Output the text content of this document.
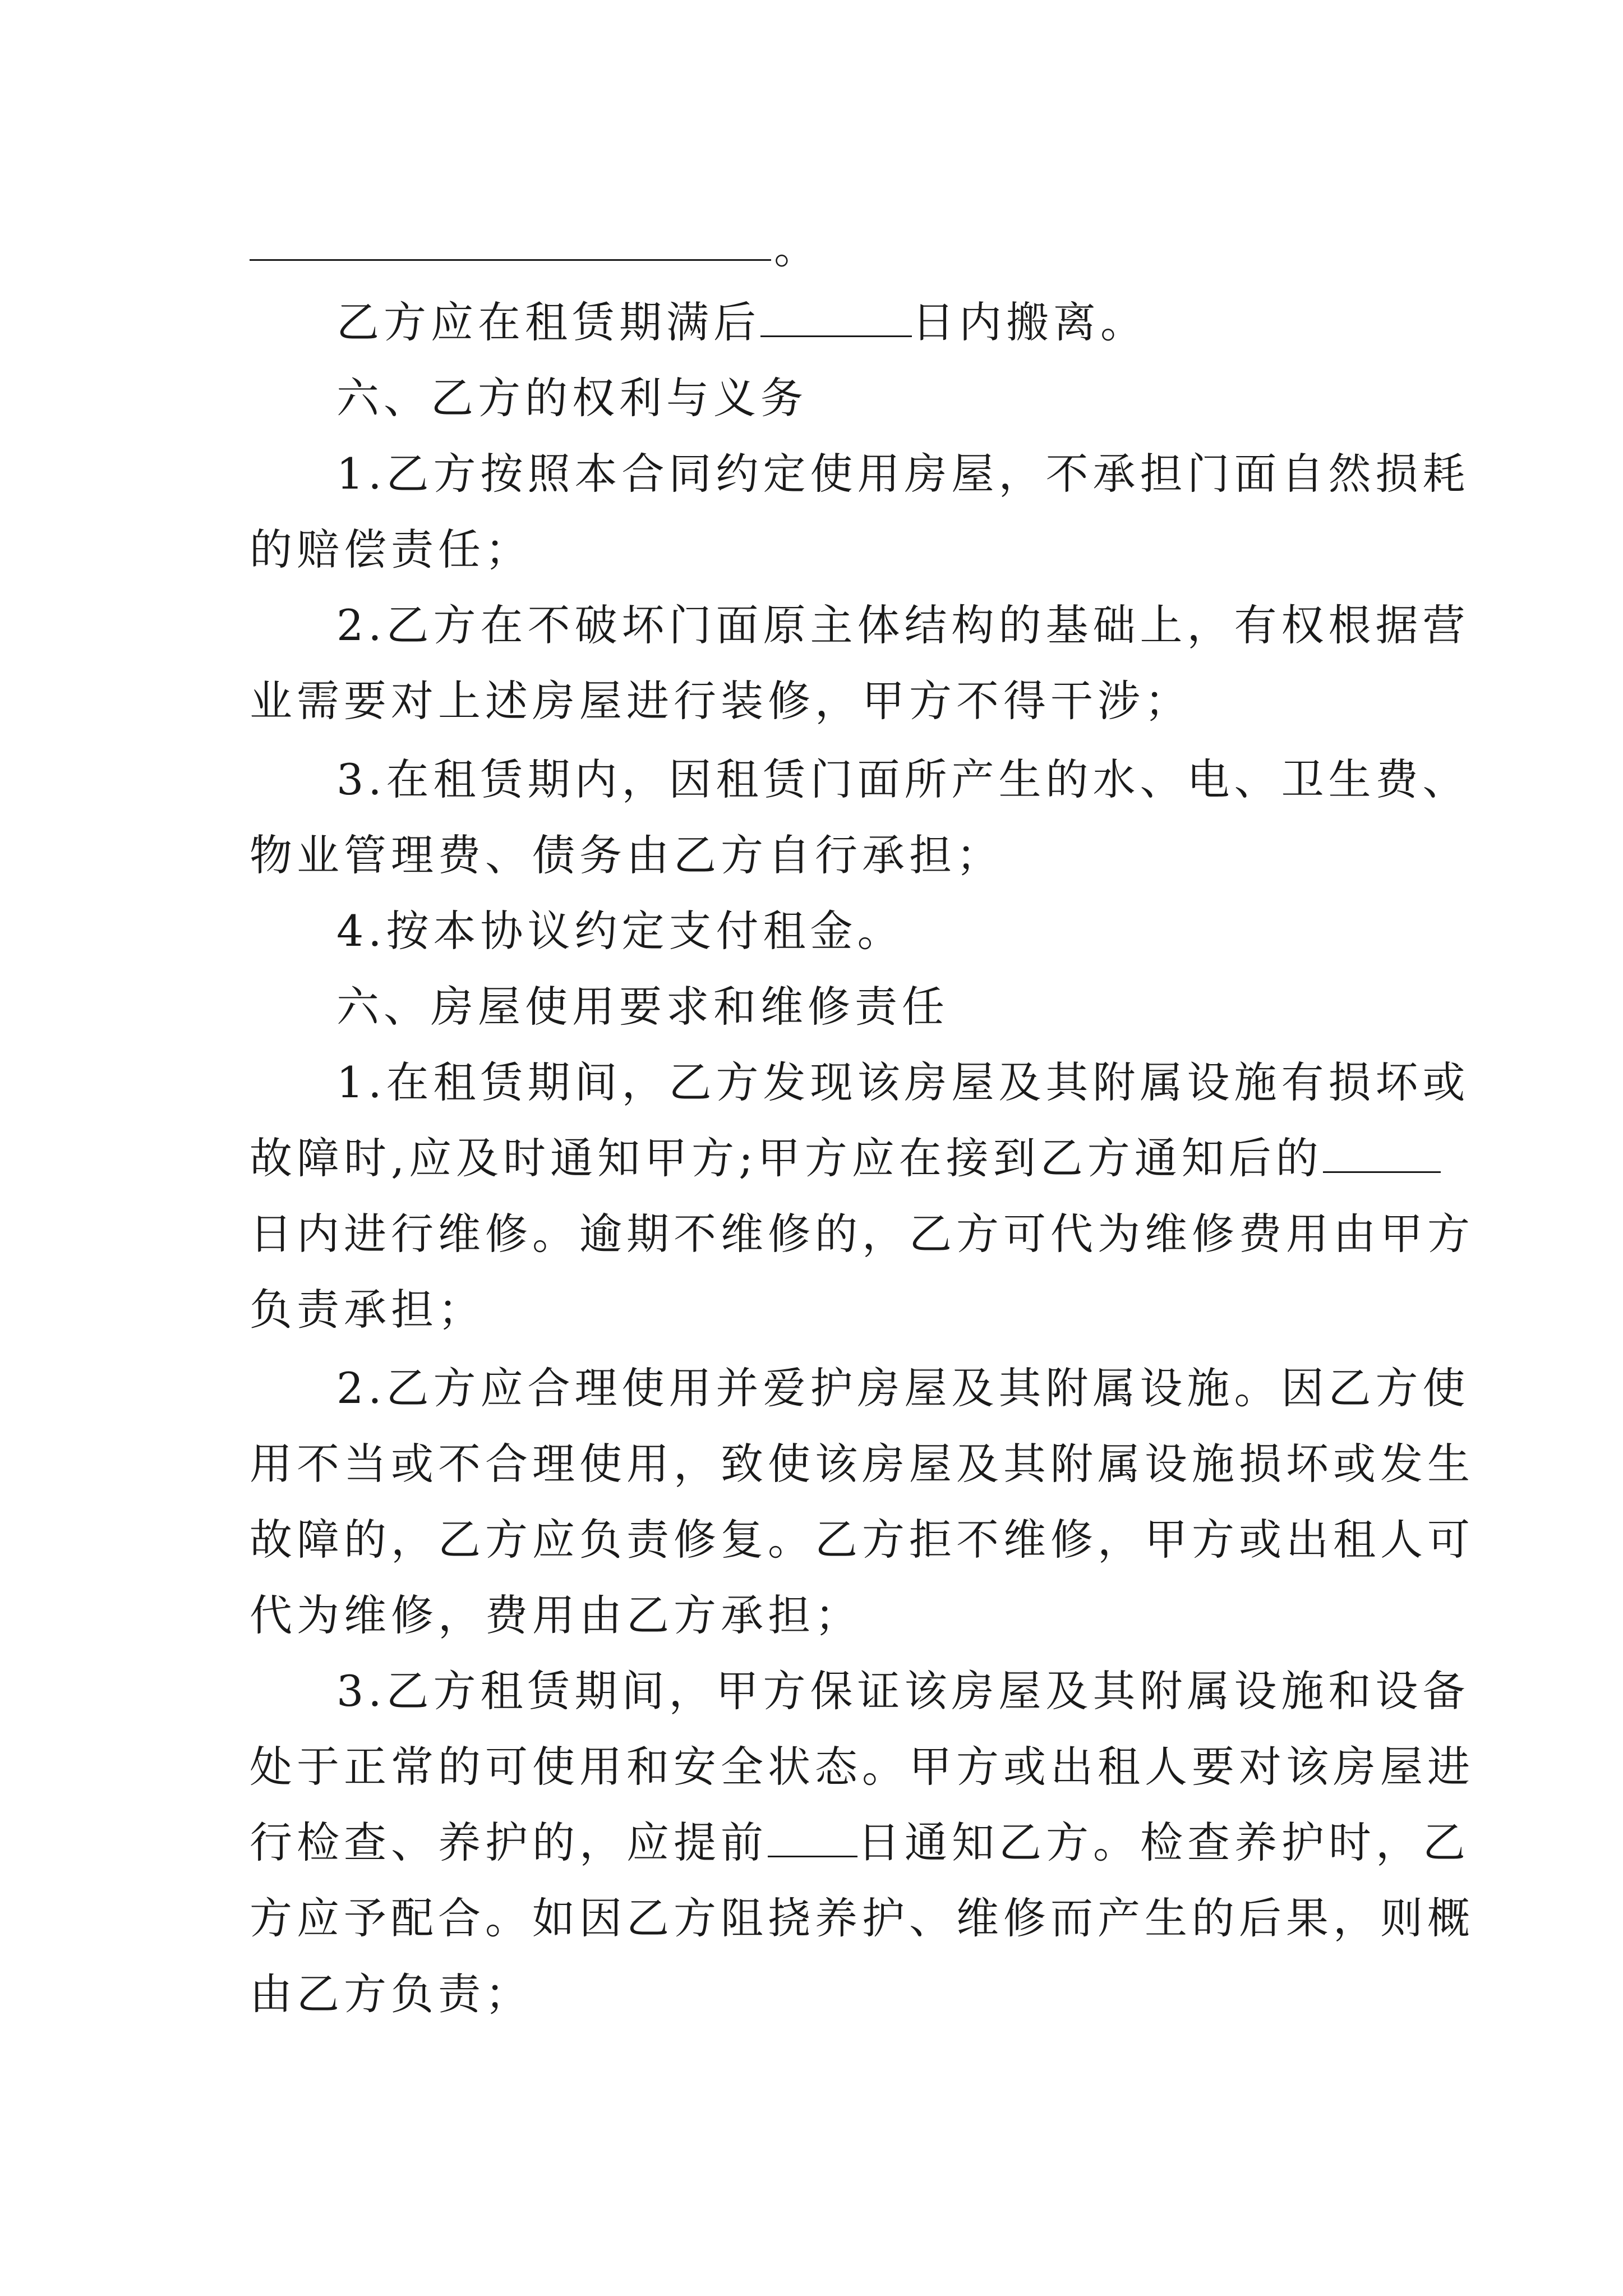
。
乙方应在租赁期满后	日内搬离。
六、乙方的权利与义务
1.乙方按照本合同约定使用房屋，不承担门面自然损耗
的赔偿责任；
2.乙方在不破坏门面原主体结构的基础上，有权根据营
业需要对上述房屋进行装修，甲方不得干涉；
3.在租赁期内，因租赁门面所产生的水、电、卫生费、
物业管理费、债务由乙方自行承担；
4.按本协议约定支付租金。
六、房屋使用要求和维修责任
1.在租赁期间，乙方发现该房屋及其附属设施有损坏或
故障时,应及时通知甲方;甲方应在接到乙方通知后的
日内进行维修。逾期不维修的，乙方可代为维修费用由甲方
负责承担；
2.乙方应合理使用并爱护房屋及其附属设施。因乙方使
用不当或不合理使用，致使该房屋及其附属设施损坏或发生
故障的，乙方应负责修复。乙方拒不维修，甲方或出租人可
代为维修，费用由乙方承担；
3.乙方租赁期间，甲方保证该房屋及其附属设施和设备
处于正常的可使用和安全状态。甲方或出租人要对该房屋进
行检查、养护的，应提前 日通知乙方。检查养护时，乙
方应予配合。如因乙方阻挠养护、维修而产生的后果，则概
由乙方负责；
